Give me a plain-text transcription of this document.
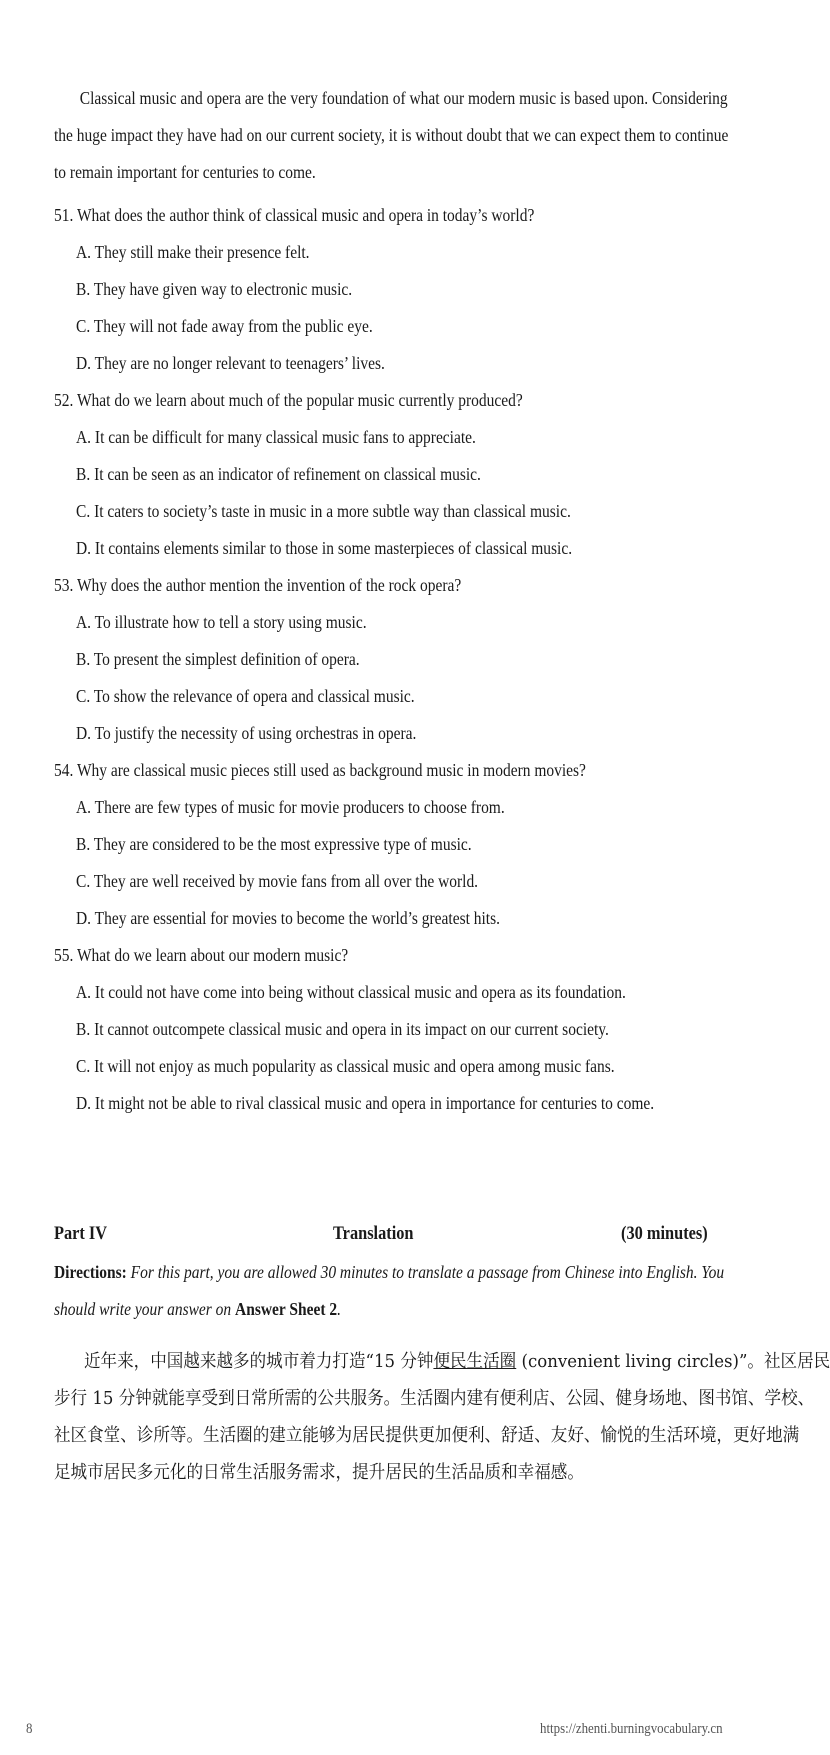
Classical music and opera are the very foundation of what our modern music is based upon. Considering
the huge impact they have had on our current society, it is without doubt that we can expect them to continue
to remain important for centuries to come.
51. What does the author think of classical music and opera in today’s world?
A. They still make their presence felt.
B. They have given way to electronic music.
C. They will not fade away from the public eye.
D. They are no longer relevant to teenagers’ lives.
52. What do we learn about much of the popular music currently produced?
A. It can be difficult for many classical music fans to appreciate.
B. It can be seen as an indicator of refinement on classical music.
C. It caters to society’s taste in music in a more subtle way than classical music.
D. It contains elements similar to those in some masterpieces of classical music.
53. Why does the author mention the invention of the rock opera?
A. To illustrate how to tell a story using music.
B. To present the simplest definition of opera.
C. To show the relevance of opera and classical music.
D. To justify the necessity of using orchestras in opera.
54. Why are classical music pieces still used as background music in modern movies?
A. There are few types of music for movie producers to choose from.
B. They are considered to be the most expressive type of music.
C. They are well received by movie fans from all over the world.
D. They are essential for movies to become the world’s greatest hits.
55. What do we learn about our modern music?
A. It could not have come into being without classical music and opera as its foundation.
B. It cannot outcompete classical music and opera in its impact on our current society.
C. It will not enjoy as much popularity as classical music and opera among music fans.
D. It might not be able to rival classical music and opera in importance for centuries to come.
Part IV	Translation	(30 minutes)
Directions: For this part, you are allowed 30 minutes to translate a passage from Chinese into English. You
should write your answer on Answer Sheet 2.
近年来，中国越来越多的城市着力打造“15 分钟便民生活圈 (convenient living circles)”。社区居民
步行 15 分钟就能享受到日常所需的公共服务。生活圈内建有便利店、公园、健身场地、图书馆、学校、
社区食堂、诊所等。生活圈的建立能够为居民提供更加便利、舒适、友好、愉悦的生活环境，更好地满
足城市居民多元化的日常生活服务需求，提升居民的生活品质和幸福感。
8	https://zhenti.burningvocabulary.cn
